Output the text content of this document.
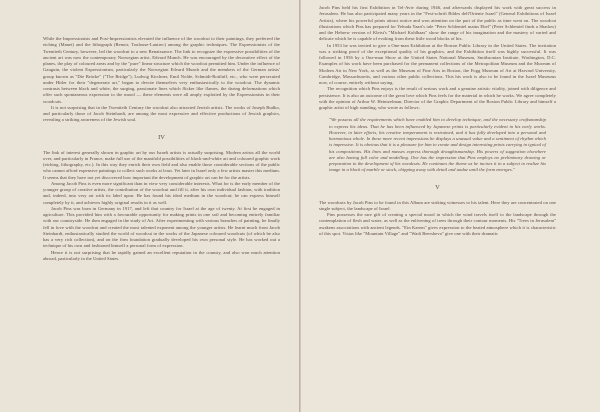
While the Impressionists and Post-Impressionists elevated the influence of the woodcut to their paintings, they preferred the etching (Manet) and the lithograph (Renoir, Toulouse-Lautrec) among the graphic techniques. The Expressionists of the Twentieth Century, however, led the woodcut to a new Renaissance. The link to recognize the expressive possibilities of the ancient art was now the contemporary Norwegian artist, Edvard Munch. He was encouraged by the decorative effect of the planes, the play of coloured areas and by the "pure" linear structure which the woodcut permitted him. Under the influence of Gauguin, the violent Expressionism, particularly the Norwegian Edvard Munch and the members of the German artists' group known as "Die Brücke" ("The Bridge"), Ludwig Kirchner, Emil Nolde, Schmidt-Rottluff, etc., who were persecuted under Hitler for their "degenerate art," began to devote themselves very enthusiastically to the woodcut. The dynamic contrasts between black and white, the surging, passionate lines which flicker like flames, the daring deformations which offer such spontaneous expression to the mood — these elements were all amply exploited by the Expressionists in their woodcuts.

It is not surprising that in the Twentieth Century the woodcut also attracted Jewish artists. The works of Joseph Budko, and particularly those of Jacob Steinhardt, are among the most expressive and effective productions of Jewish graphics, revealing a striking awareness of the Jewish soul.

IV

The link of interest generally shown in graphic art by our Israeli artists is actually surprising. Modern artists all the world over, and particularly in France, make full use of the manifold possibilities of black-and-white art and coloured graphic work (etching, lithography, etc.). In this way they enrich their own field and also enable those considerable sections of the public who cannot afford expensive paintings to collect such works at least. Yet later in Israel only a few artists master this medium. It seems that they have not yet discovered how important the development of graphic art can be for the artists.

Among Jacob Pins is even more significant than in view very considerable interests. What for is the early member of the younger group of creative artists, the contribution of the woodcut and fill it, after his own individual fashion, with tradition and, indeed, into very art with its label upon. He has found his ideal medium in the woodcut; he can express himself completely by it, and achieves highly original results in it as well.

Jacob Pins was born in Germany in 1917, and left that country for Israel at the age of twenty. At first he engaged in agriculture. This provided him with a favourable opportunity for making prints in one soil and becoming entirely familiar with our countryside. He then engaged in the study of Art. After experimenting with various branches of painting, he finally fell in love with the woodcut and created the most talented exponent among the younger artists. He learnt much from Jacob Steinhardt, enthusiastically studied the world of woodcut in the works of the Japanese coloured woodcuts (of which he also has a very rich collection), and on the firm foundation gradually developed his own personal style. He has worked out a technique of his own and fashioned himself a personal form of expression.

Hence it is not surprising that he rapidly gained an excellent reputation in the country, and also won much attention abroad, particularly in the United States.

Jacob Pins held his first Exhibition in Tel-Aviv during 1946, and afterwards displayed his work with great success in Jerusalem. He has also participated many years in the "Fest-schrift Bildes dell'Oriente Israel" (General Exhibitions of Israel Artists), where his powerful prints attract notice and won attention on the part of the public as time went on. The woodcut illustrations which Pins has prepared for Yehuda Yaari's tale "Peter Schlemiel mains Ebel" (Peter Schlemiel finds a Shadow) and the Hebrew version of Kleist's "Michael Kohlhaas" show the range of his imagination and the mastery of varied and delicate which he is capable of evoking from these little wood blocks of his.

In 1953 he was invited to give a One-man Exhibition at the Boston Public Library in the United States. The invitation was a striking proof of the exceptional quality of his graphics, and the Exhibition itself was highly successful. It was followed in 1956 by a One-man Show at the United States National Museum, Smithsonian Institute, Washington, D.C. Examples of his work have been purchased for the permanent collections of the Metropolitan Museum and the Museum of Modern Art in New York, as well as the Museum of Fine Arts in Boston, the Fogg Museum of Art at Harvard University, Cambridge, Massachusetts, and various other public collections. This his work is also to be found in the Israel Museums now, of course, entirely without saying.

The recognition which Pins enjoys is the result of serious work and a genuine artistic vitality, joined with diligence and persistence. It is also an outcome of the great love which Pins feels for the material in which he works. We agree completely with the opinion of Arthur W. Heintzelman, Director of the Graphic Department of the Boston Public Library and himself a graphic artist of high standing, who wrote as follows:

"We possess all the requirements which have enabled him to develop technique, and the necessary craftsmanship to express his ideas. That he has been influenced by Japanese prints is particularly evident in his early works. However, in later efforts, his creative temperament is restrained, and it has fully developed into a personal and harmonious whole. In these more recent impressions he displays a unusual value and a sentiment of rhythm which is impressive. It is obvious that it is a pleasure for him to create and design interesting prints carrying in typical of his compositions. His lines and masses express thorough draughtsmanship. His powers of suggestion elsewhere are also having full color and modelling. One has the impression that Pins employs no preliminary drawing or preparation to the development of his woodcuts. He continues the theme as he incises it in a subject to realize his image in a block of marble or stock, chipping away with detail and undue until the form emerges."

V

The woodcuts by Jacob Pins to be found in this Album are striking witnesses to his talent. Here they are concentrated on one single subject, the landscape of Israel.

Pins possesses the rare gift of creating a special mood in which the wind travels itself to the landscape through the contemplation of flesh and water, as well as the enlivening of trees through their contour moments. His "Trees in Jerusalem" awakens associations with ancient legends. "Ein Karem" gives expression to the heated atmosphere which it is characteristic of this spot. Vistas like "Mountain Village" and "Wadi Beersheva" give one with their dramatic
